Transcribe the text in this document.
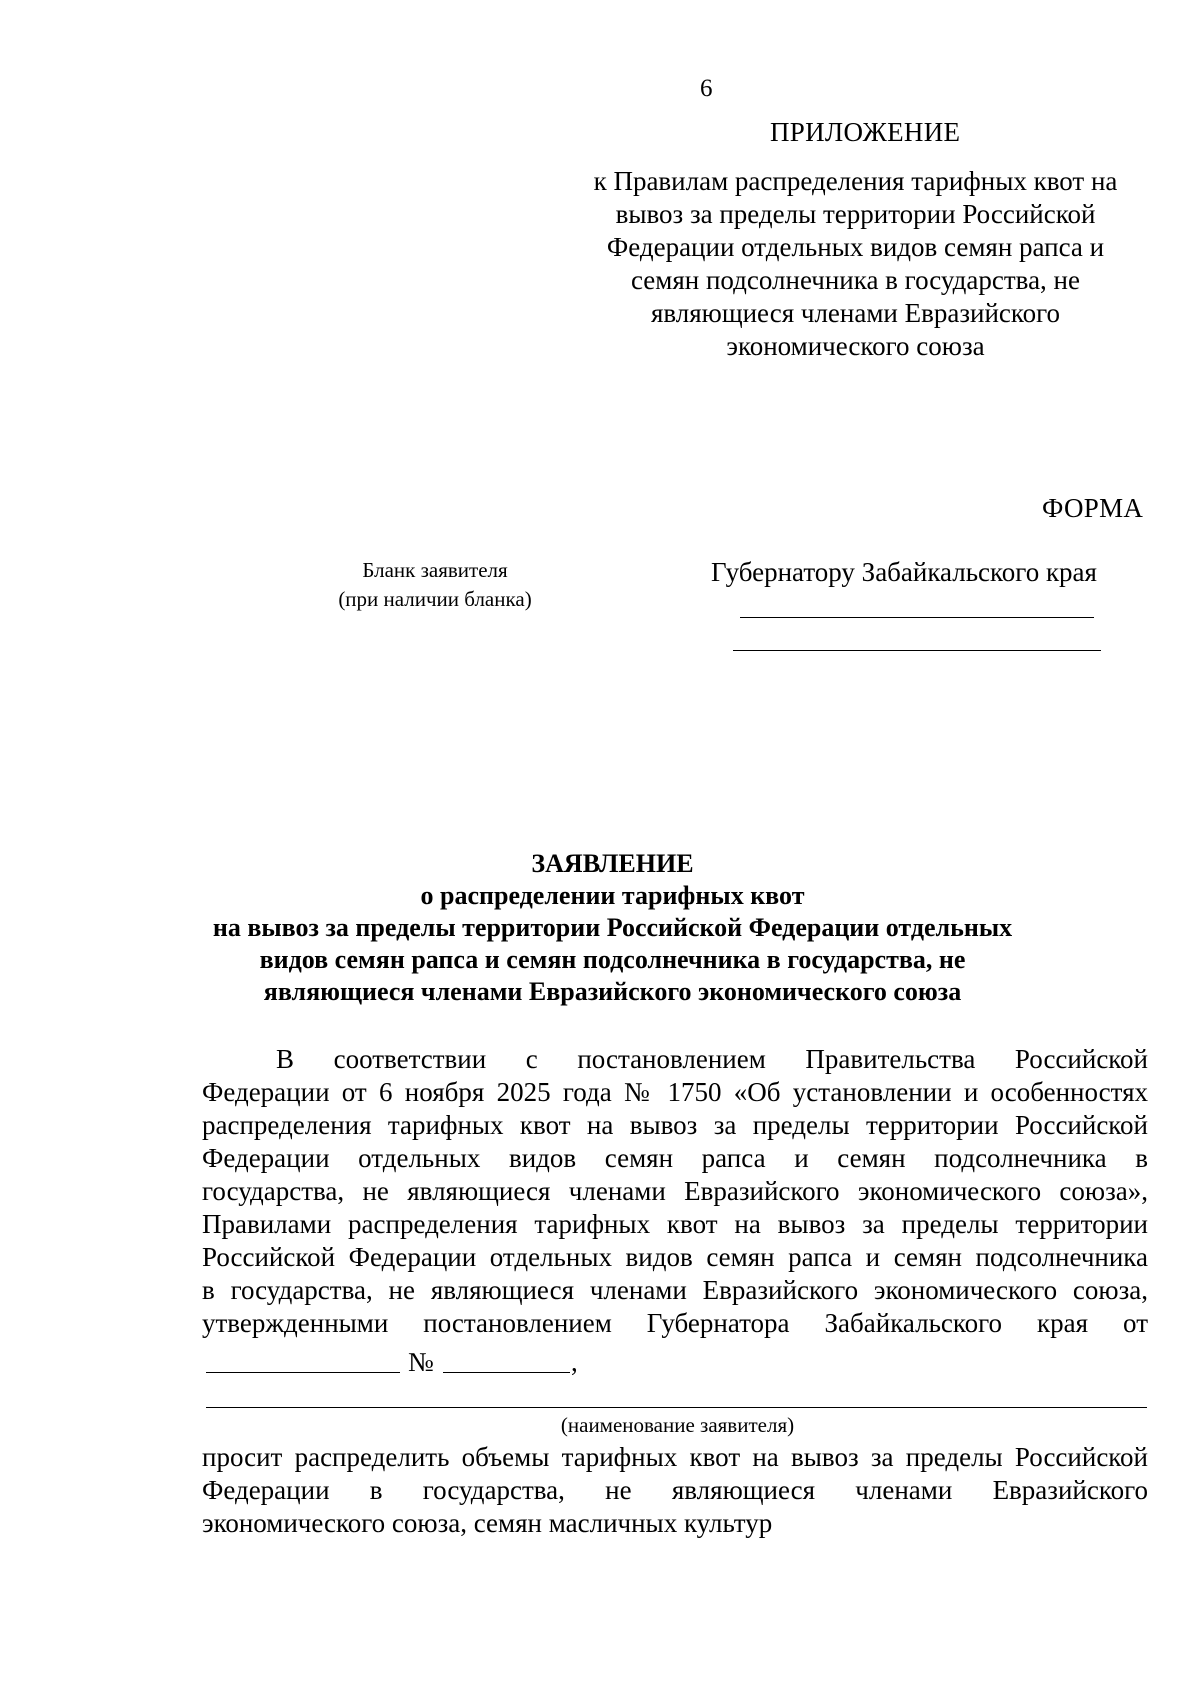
6
ПРИЛОЖЕНИЕ
к Правилам распределения тарифных квот на
вывоз за пределы территории Российской
Федерации отдельных видов семян рапса и
семян подсолнечника в государства, не
являющиеся членами Евразийского
экономического союза
ФОРМА
Бланк заявителя
(при наличии бланка)
Губернатору Забайкальского края
ЗАЯВЛЕНИЕ
о распределении тарифных квот
на вывоз за пределы территории Российской Федерации отдельных
видов семян рапса и семян подсолнечника в государства, не
являющиеся членами Евразийского экономического союза
В соответствии с постановлением Правительства Российской
Федерации от 6 ноября 2025 года № 1750 «Об установлении и особенностях
распределения тарифных квот на вывоз за пределы территории Российской
Федерации отдельных видов семян рапса и семян подсолнечника в
государства, не являющиеся членами Евразийского экономического союза»,
Правилами распределения тарифных квот на вывоз за пределы территории
Российской Федерации отдельных видов семян рапса и семян подсолнечника
в государства, не являющиеся членами Евразийского экономического союза,
утвержденными постановлением Губернатора Забайкальского края от
№	,
(наименование заявителя)
просит распределить объемы тарифных квот на вывоз за пределы Российской
Федерации в государства, не являющиеся членами Евразийского
экономического союза, семян масличных культур
